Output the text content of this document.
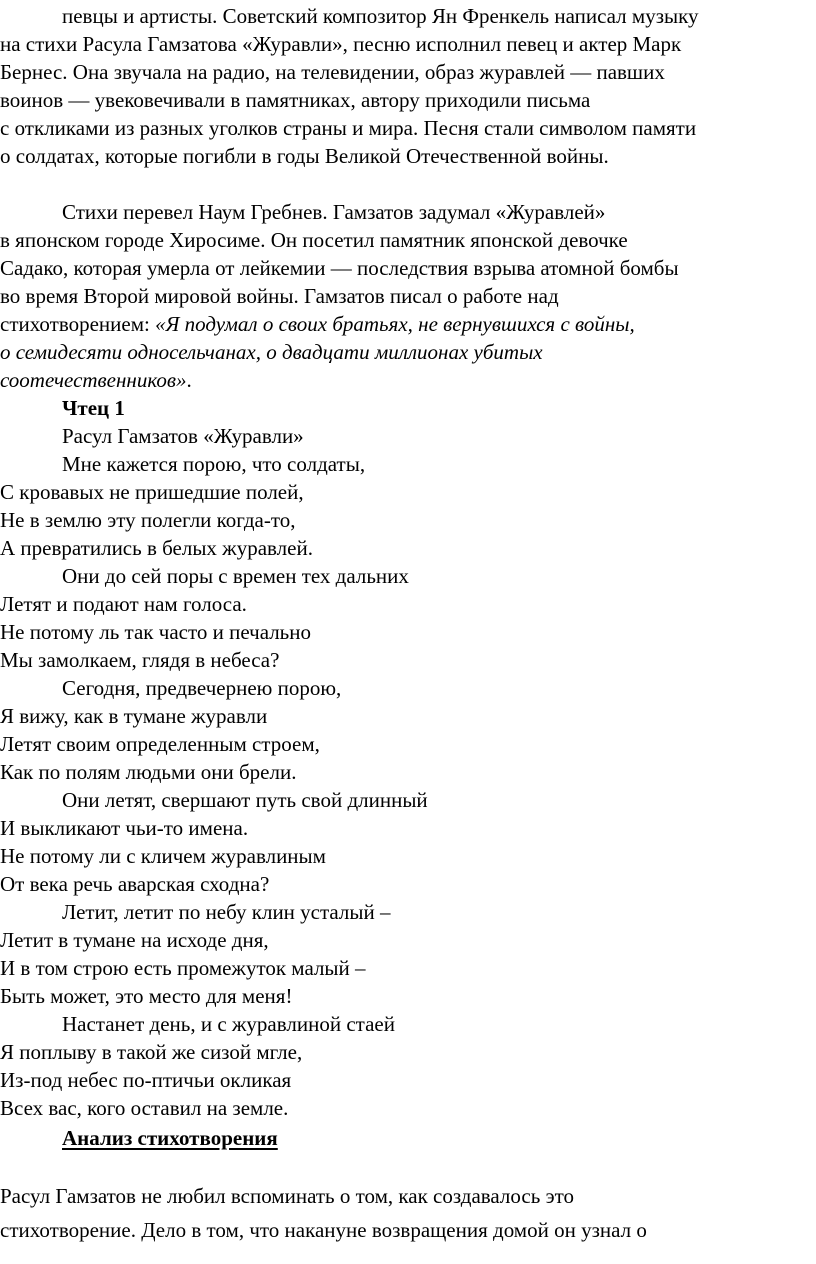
певцы и артисты. Советский композитор Ян Френкель написал музыку
на стихи Расула Гамзатова «Журавли», песню исполнил певец и актер Марк
Бернес. Она звучала на радио, на телевидении, образ журавлей — павших
воинов — увековечивали в памятниках, автору приходили письма
с откликами из разных уголков страны и мира. Песня стали символом памяти
о солдатах, которые погибли в годы Великой Отечественной войны.
Стихи перевел Наум Гребнев. Гамзатов задумал «Журавлей»
в японском городе Хиросиме. Он посетил памятник японской девочке
Садако, которая умерла от лейкемии — последствия взрыва атомной бомбы
во время Второй мировой войны. Гамзатов писал о работе над
стихотворением: «Я подумал о своих братьях, не вернувшихся с войны,
о семидесяти односельчанах, о двадцати миллионах убитых
соотечественников».
Чтец 1
Расул Гамзатов «Журавли»
Мне кажется порою, что солдаты,
С кровавых не пришедшие полей,
Не в землю эту полегли когда-то,
А превратились в белых журавлей.
Они до сей поры с времен тех дальних
Летят и подают нам голоса.
Не потому ль так часто и печально
Мы замолкаем, глядя в небеса?
Сегодня, предвечернею порою,
Я вижу, как в тумане журавли
Летят своим определенным строем,
Как по полям людьми они брели.
Они летят, свершают путь свой длинный
И выкликают чьи-то имена.
Не потому ли с кличем журавлиным
От века речь аварская сходна?
Летит, летит по небу клин усталый –
Летит в тумане на исходе дня,
И в том строю есть промежуток малый –
Быть может, это место для меня!
Настанет день, и с журавлиной стаей
Я поплыву в такой же сизой мгле,
Из-под небес по-птичьи окликая
Всех вас, кого оставил на земле.
Анализ стихотворения
Расул Гамзатов не любил вспоминать о том, как создавалось это
стихотворение. Дело в том, что накануне возвращения домой он узнал о
